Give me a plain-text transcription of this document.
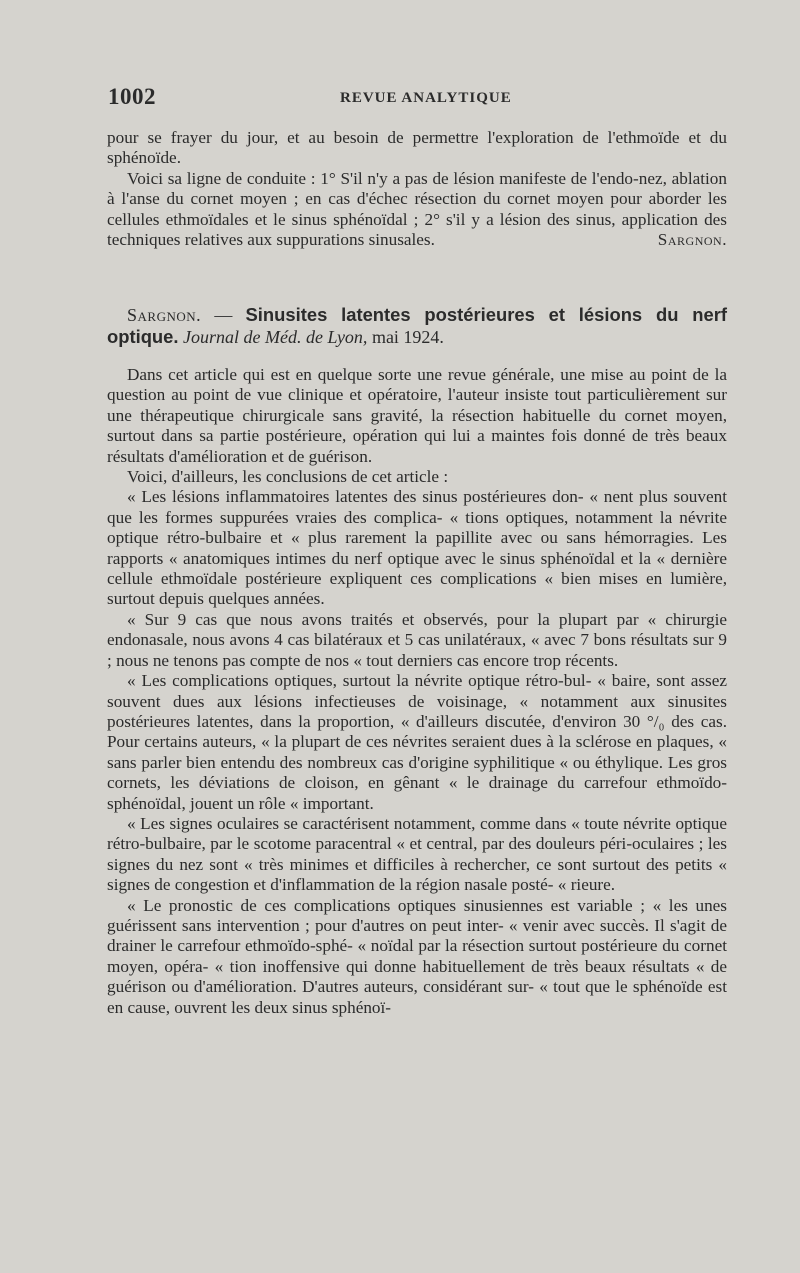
1002	REVUE ANALYTIQUE

pour se frayer du jour, et au besoin de permettre l'exploration de l'ethmoïde et du sphénoïde.

Voici sa ligne de conduite : 1° S'il n'y a pas de lésion manifeste de l'endo-nez, ablation à l'anse du cornet moyen ; en cas d'échec résection du cornet moyen pour aborder les cellules ethmoïdales et le sinus sphénoïdal ; 2° s'il y a lésion des sinus, application des techniques relatives aux suppurations sinusales.	Sargnon.

Sargnon. — Sinusites latentes postérieures et lésions du nerf optique. Journal de Méd. de Lyon, mai 1924.

Dans cet article qui est en quelque sorte une revue générale, une mise au point de la question au point de vue clinique et opératoire, l'auteur insiste tout particulièrement sur une thérapeutique chirurgicale sans gravité, la résection habituelle du cornet moyen, surtout dans sa partie postérieure, opération qui lui a maintes fois donné de très beaux résultats d'amélioration et de guérison.

Voici, d'ailleurs, les conclusions de cet article :

« Les lésions inflammatoires latentes des sinus postérieures don- « nent plus souvent que les formes suppurées vraies des complica- « tions optiques, notamment la névrite optique rétro-bulbaire et « plus rarement la papillite avec ou sans hémorragies. Les rapports « anatomiques intimes du nerf optique avec le sinus sphénoïdal et la « dernière cellule ethmoïdale postérieure expliquent ces complications « bien mises en lumière, surtout depuis quelques années.

« Sur 9 cas que nous avons traités et observés, pour la plupart par « chirurgie endonasale, nous avons 4 cas bilatéraux et 5 cas unilatéraux, « avec 7 bons résultats sur 9 ; nous ne tenons pas compte de nos « tout derniers cas encore trop récents.

« Les complications optiques, surtout la névrite optique rétro-bul- « baire, sont assez souvent dues aux lésions infectieuses de voisinage, « notamment aux sinusites postérieures latentes, dans la proportion, « d'ailleurs discutée, d'environ 30 °/₀ des cas. Pour certains auteurs, « la plupart de ces névrites seraient dues à la sclérose en plaques, « sans parler bien entendu des nombreux cas d'origine syphilitique « ou éthylique. Les gros cornets, les déviations de cloison, en gênant « le drainage du carrefour ethmoïdo-sphénoïdal, jouent un rôle « important.

« Les signes oculaires se caractérisent notamment, comme dans « toute névrite optique rétro-bulbaire, par le scotome paracentral « et central, par des douleurs péri-oculaires ; les signes du nez sont « très minimes et difficiles à rechercher, ce sont surtout des petits « signes de congestion et d'inflammation de la région nasale posté- « rieure.

« Le pronostic de ces complications optiques sinusiennes est variable ; « les unes guérissent sans intervention ; pour d'autres on peut inter- « venir avec succès. Il s'agit de drainer le carrefour ethmoïdo-sphé- « noïdal par la résection surtout postérieure du cornet moyen, opéra- « tion inoffensive qui donne habituellement de très beaux résultats « de guérison ou d'amélioration. D'autres auteurs, considérant sur- « tout que le sphénoïde est en cause, ouvrent les deux sinus sphénoï-
